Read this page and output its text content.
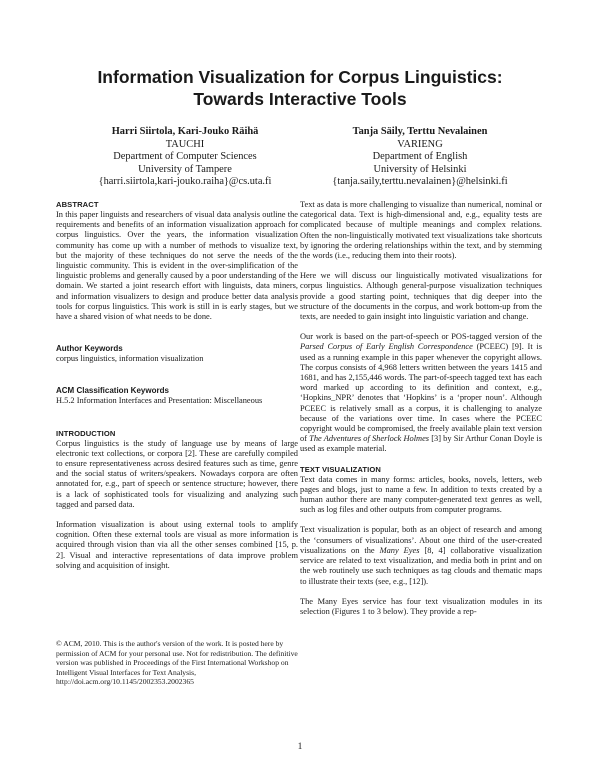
Information Visualization for Corpus Linguistics:
Towards Interactive Tools
Harri Siirtola, Kari-Jouko Räihä
TAUCHI
Department of Computer Sciences
University of Tampere
{harri.siirtola,kari-jouko.raiha}@cs.uta.fi
Tanja Säily, Terttu Nevalainen
VARIENG
Department of English
University of Helsinki
{tanja.saily,terttu.nevalainen}@helsinki.fi
ABSTRACT

In this paper linguists and researchers of visual data analysis outline the requirements and benefits of an information visualization approach for corpus linguistics. Over the years, the information visualization community has come up with a number of methods to visualize text, but the majority of these techniques do not serve the needs of the linguistic community. This is evident in the over-simplification of the linguistic problems and generally caused by a poor understanding of the domain. We started a joint research effort with linguists, data miners, and information visualizers to design and produce better data analysis tools for corpus linguistics. This work is still in is early stages, but we have a shared vision of what needs to be done.

Author Keywords

corpus linguistics, information visualization

ACM Classification Keywords

H.5.2 Information Interfaces and Presentation: Miscellaneous

INTRODUCTION

Corpus linguistics is the study of language use by means of large electronic text collections, or corpora [2]. These are carefully compiled to ensure representativeness across desired features such as time, genre and the social status of writers/speakers. Nowadays corpora are often annotated for, e.g., part of speech or sentence structure; however, there is a lack of sophisticated tools for visualizing and analyzing such tagged and parsed data.

Information visualization is about using external tools to amplify cognition. Often these external tools are visual as more information is acquired through vision than via all the other senses combined [15, p. 2]. Visual and interactive representations of data improve problem solving and acquisition of insight.

© ACM, 2010. This is the author's version of the work. It is posted here by permission of ACM for your personal use. Not for redistribution. The definitive version was published in Proceedings of the First International Workshop on Intelligent Visual Interfaces for Text Analysis, http://doi.acm.org/10.1145/2002353.2002365

Text as data is more challenging to visualize than numerical, nominal or categorical data. Text is high-dimensional and, e.g., equality tests are complicated because of multiple meanings and complex relations. Often the non-linguistically motivated text visualizations take shortcuts by ignoring the ordering relationships within the text, and by stemming the words (i.e., reducing them into their roots).

Here we will discuss our linguistically motivated visualizations for corpus linguistics. Although general-purpose visualization techniques provide a good starting point, techniques that dig deeper into the structure of the documents in the corpus, and work bottom-up from the texts, are needed to gain insight into linguistic variation and change.

Our work is based on the part-of-speech or POS-tagged version of the Parsed Corpus of Early English Correspondence (PCEEC) [9]. It is used as a running example in this paper whenever the copyright allows. The corpus consists of 4,968 letters written between the years 1415 and 1681, and has 2,155,446 words. The part-of-speech tagged text has each word marked up according to its definition and context, e.g., ‘Hopkins_NPR’ denotes that ‘Hopkins’ is a ‘proper noun’. Although PCEEC is relatively small as a corpus, it is challenging to analyze because of the variations over time. In cases where the PCEEC copyright would be compromised, the freely available plain text version of The Adventures of Sherlock Holmes [3] by Sir Arthur Conan Doyle is used as example material.

TEXT VISUALIZATION

Text data comes in many forms: articles, books, novels, letters, web pages and blogs, just to name a few. In addition to texts created by a human author there are many computer-generated text genres as well, such as log files and other outputs from computer programs.

Text visualization is popular, both as an object of research and among the ‘consumers of visualizations’. About one third of the user-created visualizations on the Many Eyes [8, 4] collaborative visualization service are related to text visualization, and media both in print and on the web routinely use such techniques as tag clouds and thematic maps to illustrate their texts (see, e.g., [12]).

The Many Eyes service has four text visualization modules in its selection (Figures 1 to 3 below). They provide a rep-

1
